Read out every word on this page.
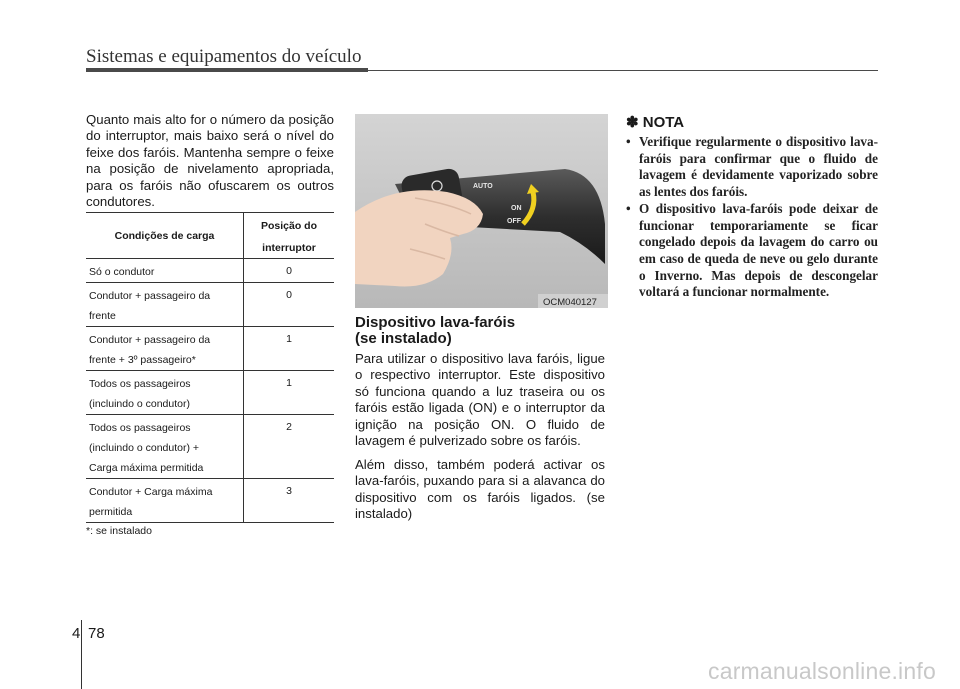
Sistemas e equipamentos do veículo
Quanto mais alto for o número da posição do interruptor, mais baixo será o nível do feixe dos faróis. Mantenha sempre o feixe na posição de nivelamento apropriada, para os faróis não ofuscarem os outros condutores.
Condições de carga	Posição do
interruptor

Só o condutor	0

Condutor + passageiro da
frente	0

Condutor + passageiro da
frente + 3º passageiro*	1

Todos os passageiros
(incluindo o condutor)	1

Todos os passageiros
(incluindo o condutor) +
Carga máxima permitida	2

Condutor + Carga máxima
permitida	3
*: se instalado
AUTO
ON
OFF
OCM040127
Dispositivo lava-faróis
(se instalado)
Para utilizar o dispositivo lava faróis, ligue o respectivo interruptor. Este dispositivo só funciona quando a luz traseira ou os faróis estão ligada (ON) e o interruptor da ignição na posição ON. O fluido de lavagem é pulverizado sobre os faróis.
Além disso, também poderá activar os lava-faróis, puxando para si a alavanca do dispositivo com os faróis ligados. (se instalado)
✽ NOTA
• Verifique regularmente o dispositivo lava-faróis para confirmar que o fluido de lavagem é devidamente vaporizado sobre as lentes dos faróis.
• O dispositivo lava-faróis pode deixar de funcionar temporariamente se ficar congelado depois da lavagem do carro ou em caso de queda de neve ou gelo durante o Inverno. Mas depois de descongelar voltará a funcionar normalmente.
4 78
carmanualsonline.info
